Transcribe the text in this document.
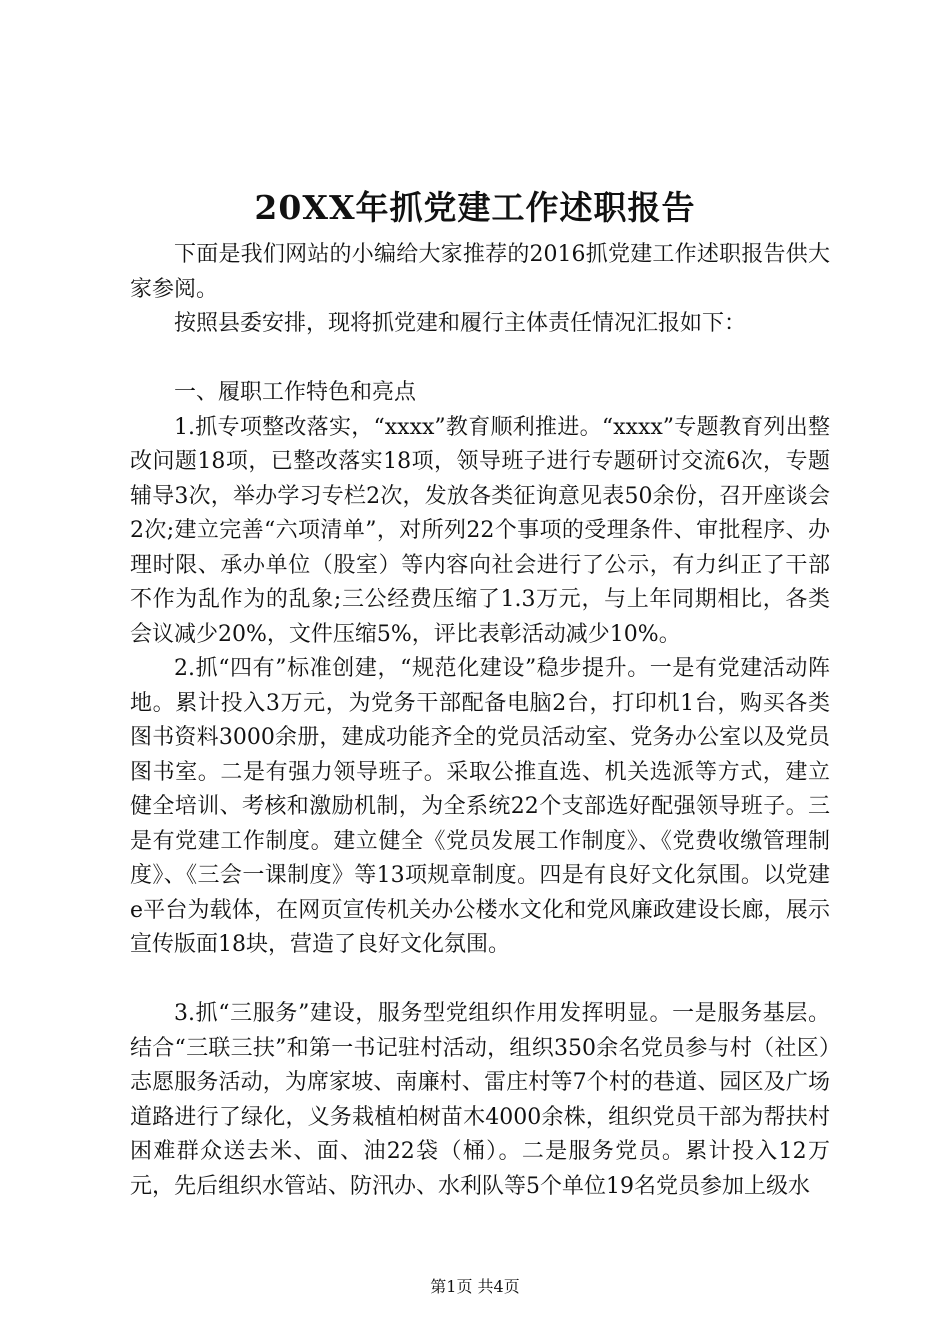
20XX年抓党建工作述职报告

下面是我们网站的小编给大家推荐的2016抓党建工作述职报告供大家参阅。

按照县委安排，现将抓党建和履行主体责任情况汇报如下：

一、履职工作特色和亮点

1.抓专项整改落实，“xxxx”教育顺利推进。“xxxx”专题教育列出整改问题18项，已整改落实18项，领导班子进行专题研讨交流6次，专题辅导3次，举办学习专栏2次，发放各类征询意见表50余份，召开座谈会2次;建立完善“六项清单”，对所列22个事项的受理条件、审批程序、办理时限、承办单位（股室）等内容向社会进行了公示，有力纠正了干部不作为乱作为的乱象;三公经费压缩了1.3万元，与上年同期相比，各类会议减少20%，文件压缩5%，评比表彰活动减少10%。

2.抓“四有”标准创建，“规范化建设”稳步提升。一是有党建活动阵地。累计投入3万元，为党务干部配备电脑2台，打印机1台，购买各类图书资料3000余册，建成功能齐全的党员活动室、党务办公室以及党员图书室。二是有强力领导班子。采取公推直选、机关选派等方式，建立健全培训、考核和激励机制，为全系统22个支部选好配强领导班子。三是有党建工作制度。建立健全《党员发展工作制度》、《党费收缴管理制度》、《三会一课制度》等13项规章制度。四是有良好文化氛围。以党建e平台为载体，在网页宣传机关办公楼水文化和党风廉政建设长廊，展示宣传版面18块，营造了良好文化氛围。

3.抓“三服务”建设，服务型党组织作用发挥明显。一是服务基层。结合“三联三扶”和第一书记驻村活动，组织350余名党员参与村（社区）志愿服务活动，为席家坡、南廉村、雷庄村等7个村的巷道、园区及广场道路进行了绿化，义务栽植柏树苗木4000余株，组织党员干部为帮扶村困难群众送去米、面、油22袋（桶）。二是服务党员。累计投入12万元，先后组织水管站、防汛办、水利队等5个单位19名党员参加上级水

第1页 共4页
